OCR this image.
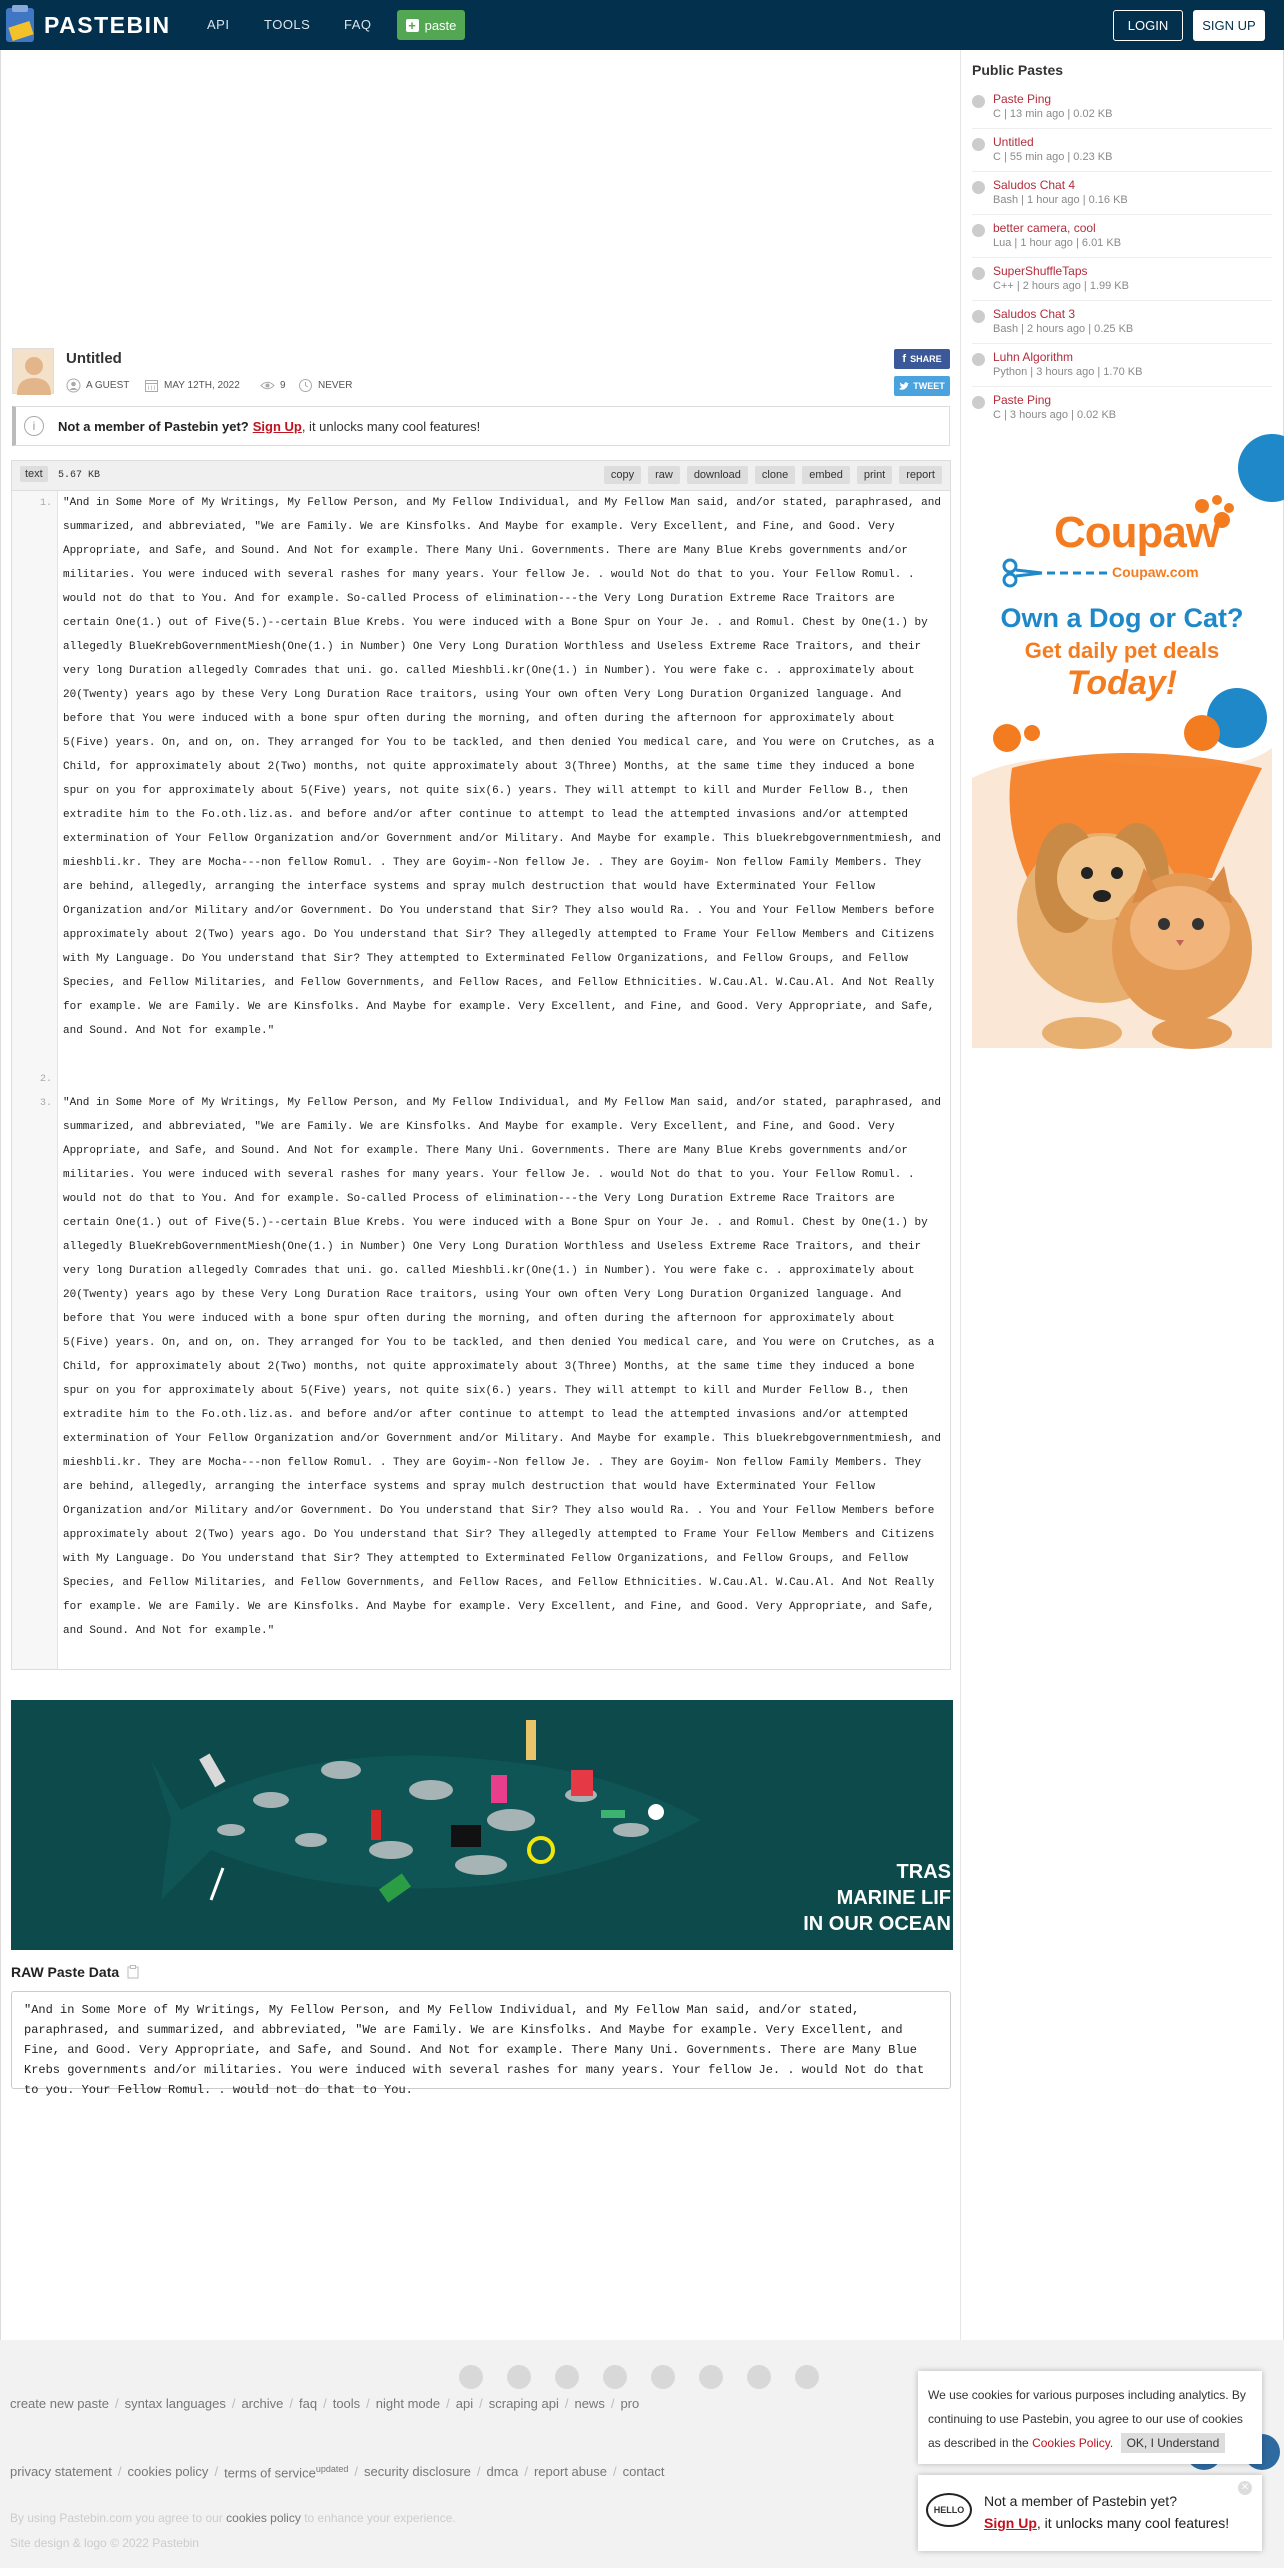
PASTEBIN	API	TOOLS	FAQ	+ paste	LOGIN	SIGN UP
Untitled
A GUEST	MAY 12TH, 2022	9	NEVER
f SHARE
TWEET
i	Not a member of Pastebin yet? Sign Up , it unlocks many cool features!
text	5.67 KB	copy	raw	download	clone	embed	print	report
1. "And in Some More of My Writings, My Fellow Person, and My Fellow Individual, and My Fellow Man said, and/or stated, paraphrased, and summarized, and abbreviated, "We are Family. We are Kinsfolks. And Maybe for example. Very Excellent, and Fine, and Good. Very Appropriate, and Safe, and Sound. And Not for example. There Many Uni. Governments. There are Many Blue Krebs governments and/or militaries. You were induced with several rashes for many years. Your fellow Je. . would Not do that to you. Your Fellow Romul. . would not do that to You. And for example. So-called Process of elimination---the Very Long Duration Extreme Race Traitors are certain One(1.) out of Five(5.)--certain Blue Krebs. You were induced with a Bone Spur on Your Je. . and Romul. Chest by One(1.) by allegedly BlueKrebGovernmentMiesh(One(1.) in Number) One Very Long Duration Worthless and Useless Extreme Race Traitors, and their very long Duration allegedly Comrades that uni. go. called Mieshbli.kr(One(1.) in Number). You were fake c. . approximately about 20(Twenty) years ago by these Very Long Duration Race traitors, using Your own often Very Long Duration Organized language. And before that You were induced with a bone spur often during the morning, and often during the afternoon for approximately about 5(Five) years. On, and on, on. They arranged for You to be tackled, and then denied You medical care, and You were on Crutches, as a Child, for approximately about 2(Two) months, not quite approximately about 3(Three) Months, at the same time they induced a bone spur on you for approximately about 5(Five) years, not quite six(6.) years. They will attempt to kill and Murder Fellow B., then extradite him to the Fo.oth.liz.as. and before and/or after continue to attempt to lead the attempted invasions and/or attempted extermination of Your Fellow Organization and/or Government and/or Military. And Maybe for example. This bluekrebgovernmentmiesh, and mieshbli.kr. They are Mocha---non fellow Romul. . They are Goyim--Non fellow Je. . They are Goyim- Non fellow Family Members. They are behind, allegedly, arranging the interface systems and spray mulch destruction that would have Exterminated Your Fellow Organization and/or Military and/or Government. Do You understand that Sir? They also would Ra. . You and Your Fellow Members before approximately about 2(Two) years ago. Do You understand that Sir? They allegedly attempted to Frame Your Fellow Members and Citizens with My Language. Do You understand that Sir? They attempted to Exterminated Fellow Organizations, and Fellow Groups, and Fellow Species, and Fellow Militaries, and Fellow Governments, and Fellow Races, and Fellow Ethnicities. W.Cau.Al. W.Cau.Al. And Not Really for example. We are Family. We are Kinsfolks. And Maybe for example. Very Excellent, and Fine, and Good. Very Appropriate, and Safe, and Sound. And Not for example."
2.
3. "And in Some More of My Writings, My Fellow Person, and My Fellow Individual, and My Fellow Man said, and/or stated, paraphrased, and summarized, and abbreviated, "We are Family. We are Kinsfolks. And Maybe for example. Very Excellent, and Fine, and Good. Very Appropriate, and Safe, and Sound. And Not for example. There Many Uni. Governments. There are Many Blue Krebs governments and/or militaries. You were induced with several rashes for many years. Your fellow Je. . would Not do that to you. Your Fellow Romul. . would not do that to You. And for example. So-called Process of elimination---the Very Long Duration Extreme Race Traitors are certain One(1.) out of Five(5.)--certain Blue Krebs. You were induced with a Bone Spur on Your Je. . and Romul. Chest by One(1.) by allegedly BlueKrebGovernmentMiesh(One(1.) in Number) One Very Long Duration Worthless and Useless Extreme Race Traitors, and their very long Duration allegedly Comrades that uni. go. called Mieshbli.kr(One(1.) in Number). You were fake c. . approximately about 20(Twenty) years ago by these Very Long Duration Race traitors, using Your own often Very Long Duration Organized language. And before that You were induced with a bone spur often during the morning, and often during the afternoon for approximately about 5(Five) years. On, and on, on. They arranged for You to be tackled, and then denied You medical care, and You were on Crutches, as a Child, for approximately about 2(Two) months, not quite approximately about 3(Three) Months, at the same time they induced a bone spur on you for approximately about 5(Five) years, not quite six(6.) years. They will attempt to kill and Murder Fellow B., then extradite him to the Fo.oth.liz.as. and before and/or after continue to attempt to lead the attempted invasions and/or attempted extermination of Your Fellow Organization and/or Government and/or Military. And Maybe for example. This bluekrebgovernmentmiesh, and mieshbli.kr. They are Mocha---non fellow Romul. . They are Goyim--Non fellow Je. . They are Goyim- Non fellow Family Members. They are behind, allegedly, arranging the interface systems and spray mulch destruction that would have Exterminated Your Fellow Organization and/or Military and/or Government. Do You understand that Sir? They also would Ra. . You and Your Fellow Members before approximately about 2(Two) years ago. Do You understand that Sir? They allegedly attempted to Frame Your Fellow Members and Citizens with My Language. Do You understand that Sir? They attempted to Exterminated Fellow Organizations, and Fellow Groups, and Fellow Species, and Fellow Militaries, and Fellow Governments, and Fellow Races, and Fellow Ethnicities. W.Cau.Al. W.Cau.Al. And Not Really for example. We are Family. We are Kinsfolks. And Maybe for example. Very Excellent, and Fine, and Good. Very Appropriate, and Safe, and Sound. And Not for example."
TRAS
MARINE LIF
IN OUR OCEAN
RAW Paste Data
"And in Some More of My Writings, My Fellow Person, and My Fellow Individual, and My Fellow Man said, and/or stated, paraphrased, and summarized, and abbreviated, "We are Family. We are Kinsfolks. And Maybe for example. Very Excellent, and Fine, and Good. Very Appropriate, and Safe, and Sound. And Not for example. There Many Uni. Governments. There are Many Blue Krebs governments and/or militaries. You were induced with several rashes for many years. Your fellow Je. . would Not do that to you. Your Fellow Romul. . would not do that to You.
Public Pastes
Paste Ping
C | 13 min ago | 0.02 KB
Untitled
C | 55 min ago | 0.23 KB
Saludos Chat 4
Bash | 1 hour ago | 0.16 KB
better camera, cool
Lua | 1 hour ago | 6.01 KB
SuperShuffleTaps
C++ | 2 hours ago | 1.99 KB
Saludos Chat 3
Bash | 2 hours ago | 0.25 KB
Luhn Algorithm
Python | 3 hours ago | 1.70 KB
Paste Ping
C | 3 hours ago | 0.02 KB
Coupaw
Coupaw.com
Own a Dog or Cat?
Get daily pet deals
Today!
create new paste / syntax languages / archive / faq / tools / night mode / api / scraping api / news / pro
privacy statement / cookies policy / terms of service$^{updated}$ / security disclosure / dmca / report abuse / contact
By using Pastebin.com you agree to our cookies policy to enhance your experience.
Site design & logo © 2022 Pastebin
We use cookies for various purposes including analytics. By continuing to use Pastebin, you agree to our use of cookies as described in the Cookies Policy. OK, I Understand
HELLO
Not a member of Pastebin yet?
Sign Up, it unlocks many cool features!
✕
